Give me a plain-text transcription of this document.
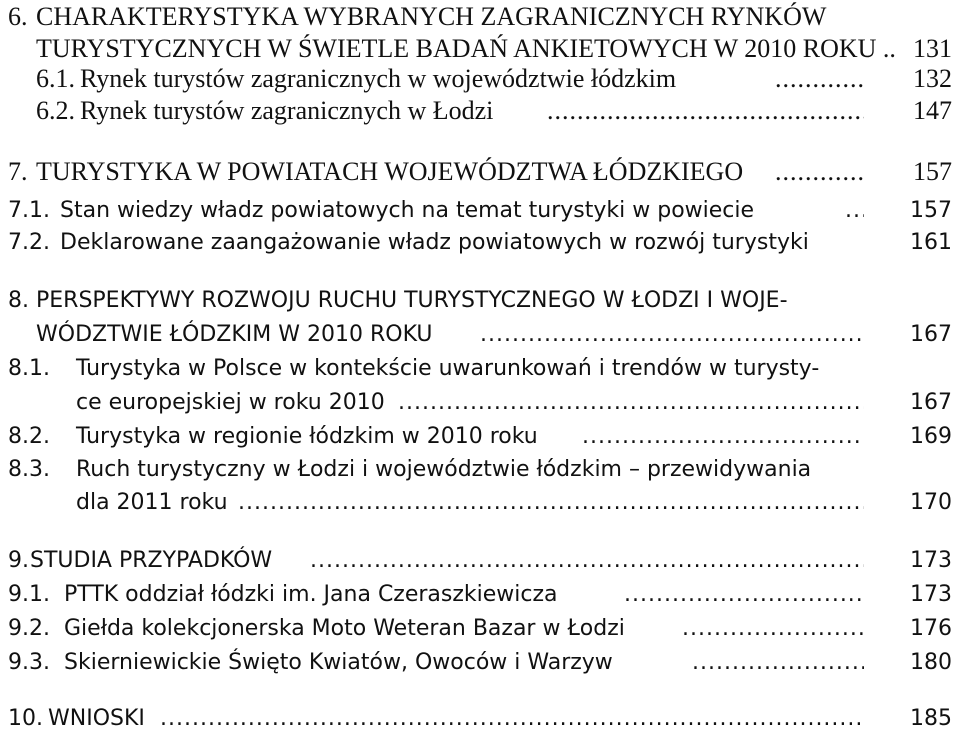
6. CHARAKTERYSTYKA WYBRANYCH ZAGRANICZNYCH RYNKÓW
TURYSTYCZNYCH W ŚWIETLE BADAŃ ANKIETOWYCH W 2010 ROKU .. 131
6.1. Rynek turystów zagranicznych w województwie łódzkim .....	132
6.2. Rynek turystów zagranicznych w Łodzi .....	147
7. TURYSTYKA W POWIATACH WOJEWÓDZTWA ŁÓDZKIEGO .....	157
7.1. Stan wiedzy władz powiatowych na temat turystyki w powiecie .....	157
7.2. Deklarowane zaangażowanie władz powiatowych w rozwój turystyki	161
8. PERSPEKTYWY ROZWOJU RUCHU TURYSTYCZNEGO W ŁODZI I WOJE-
WÓDZTWIE ŁÓDZKIM W 2010 ROKU .....	167
8.1. Turystyka w Polsce w kontekście uwarunkowań i trendów w turysty-
ce europejskiej w roku 2010 .....	167
8.2. Turystyka w regionie łódzkim w 2010 roku .....	169
8.3. Ruch turystyczny w Łodzi i województwie łódzkim – przewidywania
dla 2011 roku .....	170
9. STUDIA PRZYPADKÓW .....	173
9.1. PTTK oddział łódzki im. Jana Czeraszkiewicza .....	173
9.2. Giełda kolekcjonerska Moto Weteran Bazar w Łodzi .....	176
9.3. Skierniewickie Święto Kwiatów, Owoców i Warzyw .....	180
10. WNIOSKI .....	185
